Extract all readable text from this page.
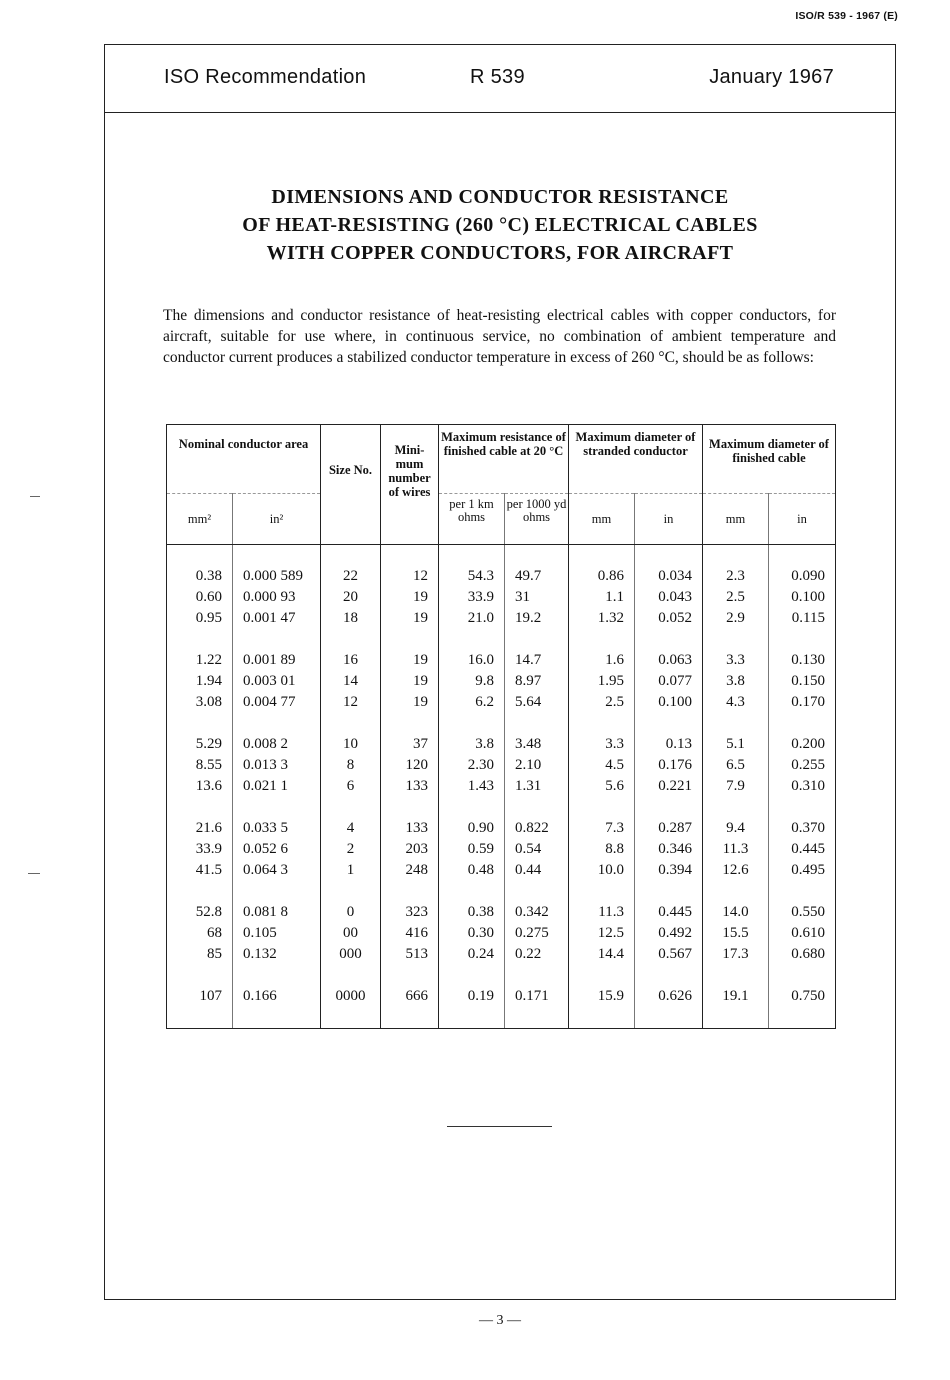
ISO/R 539 - 1967 (E)
ISO Recommendation	R 539	January 1967
DIMENSIONS AND CONDUCTOR RESISTANCE
OF HEAT-RESISTING (260 °C) ELECTRICAL CABLES
WITH COPPER CONDUCTORS, FOR AIRCRAFT
The dimensions and conductor resistance of heat-resisting electrical cables with copper conductors, for aircraft, suitable for use where, in continuous service, no combination of ambient temperature and conductor current produces a stabilized conductor temperature in excess of 260 °C, should be as follows:
Nominal conductor area		Size No.	Mini-mum number of wires	Maximum resistance of finished cable at 20 °C		Maximum diameter of stranded conductor		Maximum diameter of finished cable	
mm²	in²			per 1 km ohms	per 1000 yd ohms	mm	in	mm	in

0.38	0.000 589	22	12	54.3	49.7	0.86	0.034	2.3	0.090
0.60	0.000 93	20	19	33.9	31	1.1	0.043	2.5	0.100
0.95	0.001 47	18	19	21.0	19.2	1.32	0.052	2.9	0.115

1.22	0.001 89	16	19	16.0	14.7	1.6	0.063	3.3	0.130
1.94	0.003 01	14	19	9.8	8.97	1.95	0.077	3.8	0.150
3.08	0.004 77	12	19	6.2	5.64	2.5	0.100	4.3	0.170

5.29	0.008 2	10	37	3.8	3.48	3.3	0.13	5.1	0.200
8.55	0.013 3	8	120	2.30	2.10	4.5	0.176	6.5	0.255
13.6	0.021 1	6	133	1.43	1.31	5.6	0.221	7.9	0.310

21.6	0.033 5	4	133	0.90	0.822	7.3	0.287	9.4	0.370
33.9	0.052 6	2	203	0.59	0.54	8.8	0.346	11.3	0.445
41.5	0.064 3	1	248	0.48	0.44	10.0	0.394	12.6	0.495

52.8	0.081 8	0	323	0.38	0.342	11.3	0.445	14.0	0.550
68	0.105	00	416	0.30	0.275	12.5	0.492	15.5	0.610
85	0.132	000	513	0.24	0.22	14.4	0.567	17.3	0.680

107	0.166	0000	666	0.19	0.171	15.9	0.626	19.1	0.750

— 3 —
